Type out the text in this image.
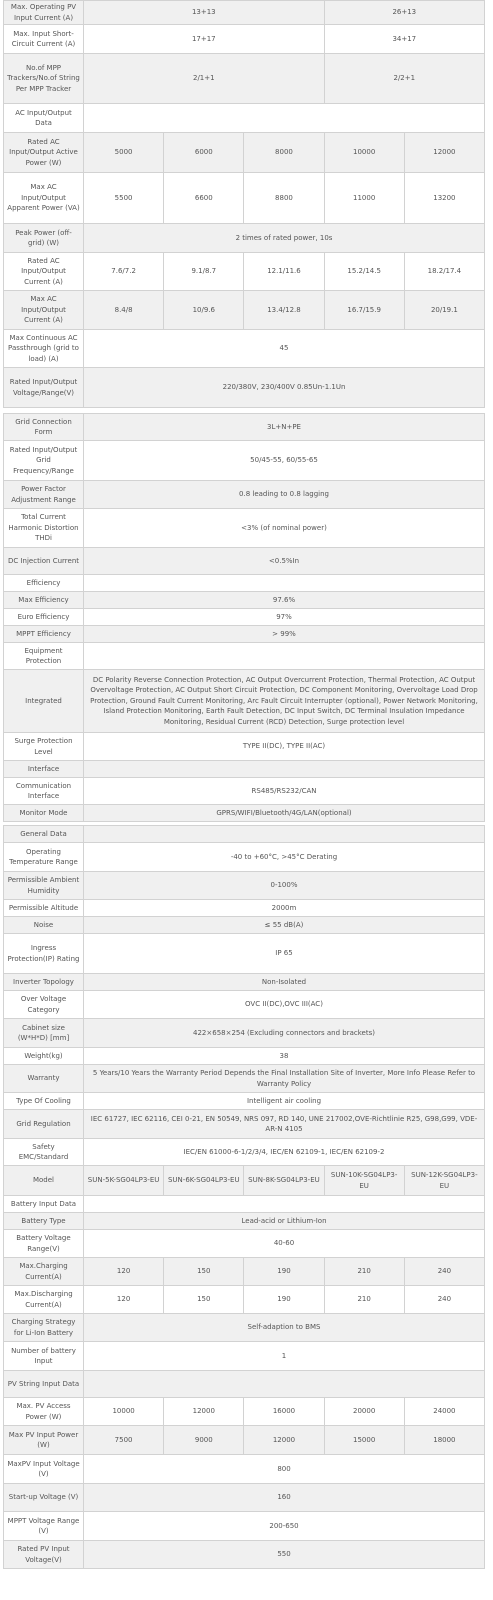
Max. Operating PV Input Current (A)	13+13			26+13	
Max. Input Short-Circuit Current (A)	17+17			34+17	
No.of MPP Trackers/No.of String Per MPP Tracker	2/1+1			2/2+1	
AC Input/Output Data					
Rated AC Input/Output Active Power (W)	5000	6000	8000	10000	12000
Max AC Input/Output Apparent Power (VA)	5500	6600	8800	11000	13200
Peak Power (off-grid) (W)	2 times of rated power, 10s				
Rated AC Input/Output Current (A)	7.6/7.2	9.1/8.7	12.1/11.6	15.2/14.5	18.2/17.4
Max AC Input/Output Current (A)	8.4/8	10/9.6	13.4/12.8	16.7/15.9	20/19.1
Max Continuous AC Passthrough (grid to load) (A)	45				
Rated Input/Output Voltage/Range(V)	220/380V, 230/400V 0.85Un-1.1Un				
Grid Connection Form	3L+N+PE
Rated Input/Output Grid Frequency/Range	50/45-55, 60/55-65
Power Factor Adjustment Range	0.8 leading to 0.8 lagging
Total Current Harmonic Distortion THDi	<3% (of nominal power)
DC Injection Current	<0.5%In
Efficiency	
Max Efficiency	97.6%
Euro Efficiency	97%
MPPT Efficiency	> 99%
Equipment Protection	
Integrated	DC Polarity Reverse Connection Protection, AC Output Overcurrent Protection, Thermal Protection, AC Output Overvoltage Protection, AC Output Short Circuit Protection, DC Component Monitoring, Overvoltage Load Drop Protection, Ground Fault Current Monitoring, Arc Fault Circuit Interrupter (optional), Power Network Monitoring, Island Protection Monitoring, Earth Fault Detection, DC Input Switch, DC Terminal Insulation Impedance Monitoring, Residual Current (RCD) Detection, Surge protection level
Surge Protection Level	TYPE II(DC), TYPE II(AC)
Interface	
Communication Interface	RS485/RS232/CAN
Monitor Mode	GPRS/WIFI/Bluetooth/4G/LAN(optional)
General Data	
Operating Temperature Range	-40 to +60°C, >45°C Derating
Permissible Ambient Humidity	0-100%
Permissible Altitude	2000m
Noise	≤ 55 dB(A)
Ingress Protection(IP) Rating	IP 65
Inverter Topology	Non-Isolated
Over Voltage Category	OVC II(DC),OVC III(AC)
Cabinet size (W*H*D) [mm]	422×658×254 (Excluding connectors and brackets)
Weight(kg)	38
Warranty	5 Years/10 Years the Warranty Period Depends the Final Installation Site of Inverter, More Info Please Refer to Warranty Policy
Type Of Cooling	Intelligent air cooling
Grid Regulation	IEC 61727, IEC 62116, CEI 0-21, EN 50549, NRS 097, RD 140, UNE 217002,OVE-Richtlinie R25, G98,G99, VDE-AR-N 4105
Safety EMC/Standard	IEC/EN 61000-6-1/2/3/4, IEC/EN 62109-1, IEC/EN 62109-2
Model	SUN-5K-SG04LP3-EU	SUN-6K-SG04LP3-EU	SUN-8K-SG04LP3-EU	SUN-10K-SG04LP3-EU	SUN-12K-SG04LP3-EU
Battery Input Data					
Battery Type	Lead-acid or Lithium-Ion				
Battery Voltage Range(V)	40-60				
Max.Charging Current(A)	120	150	190	210	240
Max.Discharging Current(A)	120	150	190	210	240
Charging Strategy for Li-Ion Battery	Self-adaption to BMS				
Number of battery Input	1				
PV String Input Data					
Max. PV Access Power (W)	10000	12000	16000	20000	24000
Max PV Input Power (W)	7500	9000	12000	15000	18000
MaxPV Input Voltage (V)	800				
Start-up Voltage (V)	160				
MPPT Voltage Range (V)	200-650				
Rated PV Input Voltage(V)	550				
